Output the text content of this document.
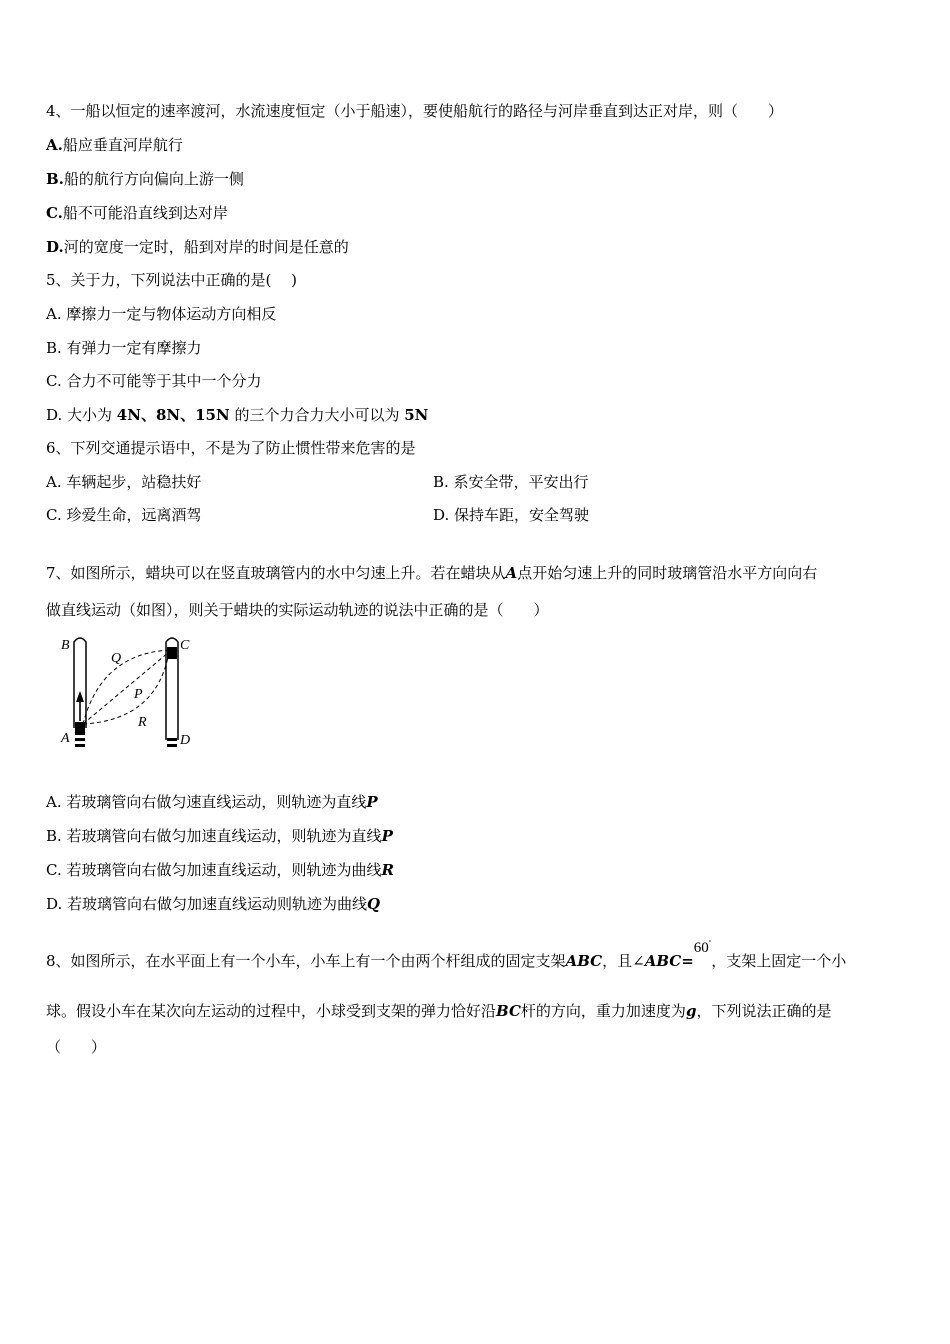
4、一船以恒定的速率渡河，水流速度恒定（小于船速），要使船航行的路径与河岸垂直到达正对岸，则（　　）
A.船应垂直河岸航行
B.船的航行方向偏向上游一侧
C.船不可能沿直线到达对岸
D.河的宽度一定时，船到对岸的时间是任意的
5、关于力，下列说法中正确的是(　 )
A. 摩擦力一定与物体运动方向相反
B. 有弹力一定有摩擦力
C. 合力不可能等于其中一个分力
D. 大小为 4N、8N、15N 的三个力合力大小可以为 5N
6、下列交通提示语中，不是为了防止惯性带来危害的是
A. 车辆起步，站稳扶好	B. 系安全带，平安出行
C. 珍爱生命，远离酒驾	D. 保持车距，安全驾驶
7、如图所示，蜡块可以在竖直玻璃管内的水中匀速上升。若在蜡块从A点开始匀速上升的同时玻璃管沿水平方向向右
做直线运动（如图），则关于蜡块的实际运动轨迹的说法中正确的是（　　）
B	C
Q
P
R
A	D
A. 若玻璃管向右做匀速直线运动，则轨迹为直线P
B. 若玻璃管向右做匀加速直线运动，则轨迹为直线P
C. 若玻璃管向右做匀加速直线运动，则轨迹为曲线R
D. 若玻璃管向右做匀加速直线运动则轨迹为曲线Q
8、如图所示，在水平面上有一个小车，小车上有一个由两个杆组成的固定支架ABC，且∠ABC=60°，支架上固定一个小
球。假设小车在某次向左运动的过程中，小球受到支架的弹力恰好沿BC杆的方向，重力加速度为g，下列说法正确的是
（　　）
